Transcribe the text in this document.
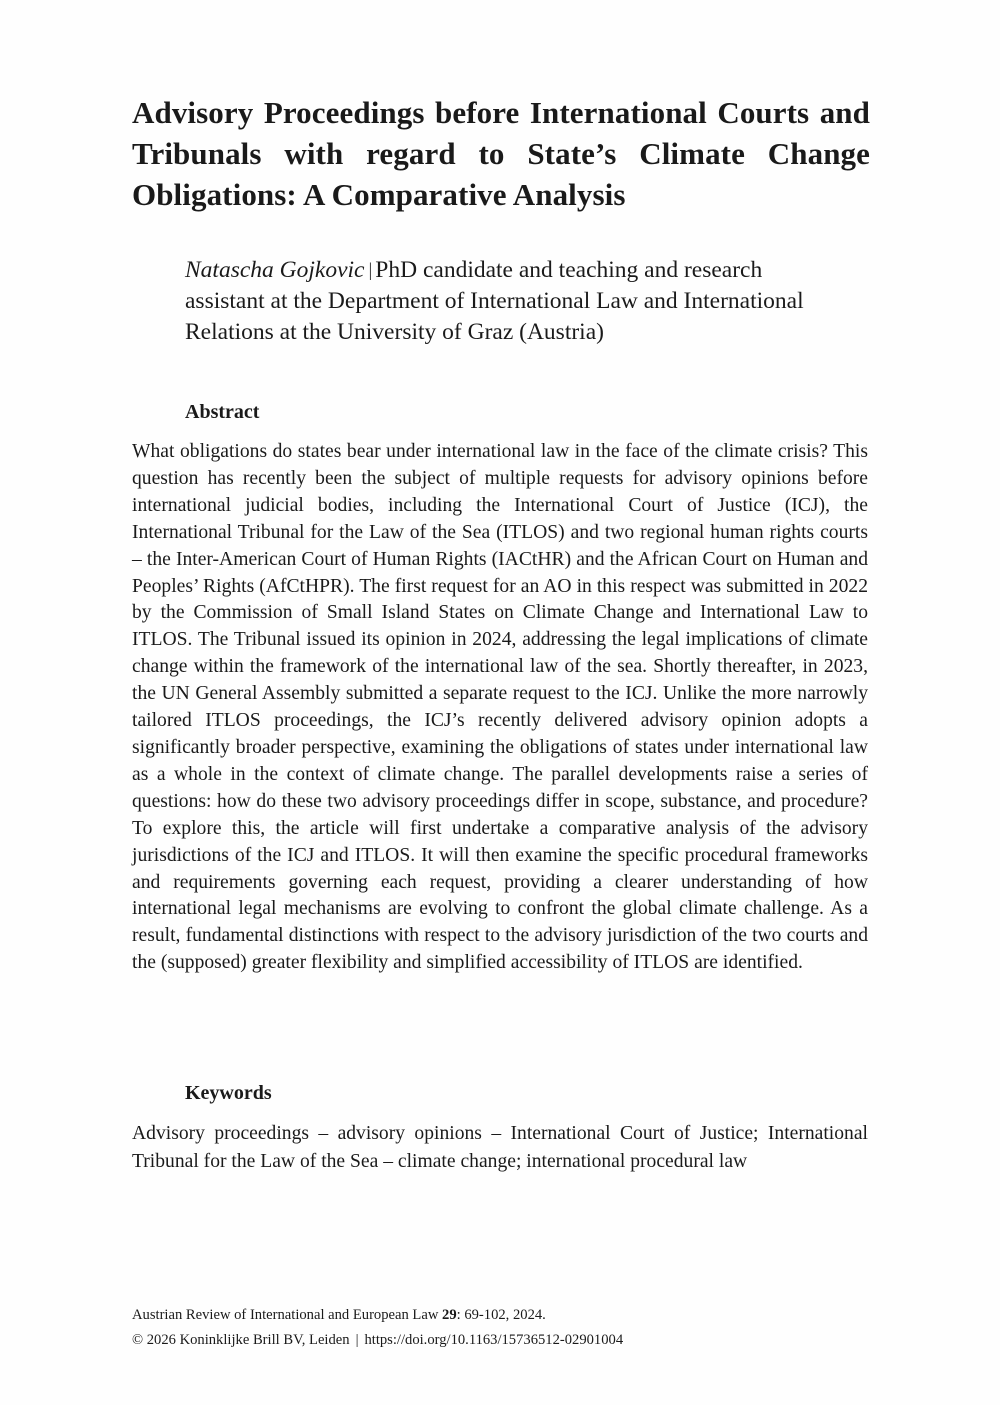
Advisory Proceedings before International Courts and Tribunals with regard to State’s Climate Change Obligations: A Comparative Analysis
Natascha Gojkovic | PhD candidate and teaching and research assistant at the Department of International Law and International Relations at the University of Graz (Austria)
Abstract

What obligations do states bear under international law in the face of the climate crisis? This question has recently been the subject of multiple requests for advisory opinions before international judicial bodies, including the International Court of Justice (ICJ), the International Tribunal for the Law of the Sea (ITLOS) and two regional human rights courts – the Inter-American Court of Human Rights (IACtHR) and the African Court on Human and Peoples’ Rights (AfCtHPR). The first request for an AO in this respect was submitted in 2022 by the Commission of Small Island States on Climate Change and International Law to ITLOS. The Tribunal issued its opinion in 2024, addressing the legal implications of climate change within the framework of the international law of the sea. Shortly thereafter, in 2023, the UN General Assembly submitted a separate request to the ICJ. Unlike the more narrowly tailored ITLOS proceedings, the ICJ’s recently delivered advisory opinion adopts a significantly broader perspective, examining the obligations of states under international law as a whole in the context of climate change. The parallel developments raise a series of questions: how do these two advisory proceedings differ in scope, substance, and procedure? To explore this, the article will first undertake a comparative analysis of the advisory jurisdictions of the ICJ and ITLOS. It will then examine the specific procedural frameworks and requirements governing each request, providing a clearer understanding of how international legal mechanisms are evolving to confront the global climate challenge. As a result, fundamental distinctions with respect to the advisory jurisdiction of the two courts and the (supposed) greater flexibility and simplified accessibility of ITLOS are identified.

Keywords

Advisory proceedings – advisory opinions – International Court of Justice; International Tribunal for the Law of the Sea – climate change; international procedural law

Austrian Review of International and European Law 29: 69-102, 2024.
© 2026 Koninklijke Brill BV, Leiden | https://doi.org/10.1163/15736512-02901004
